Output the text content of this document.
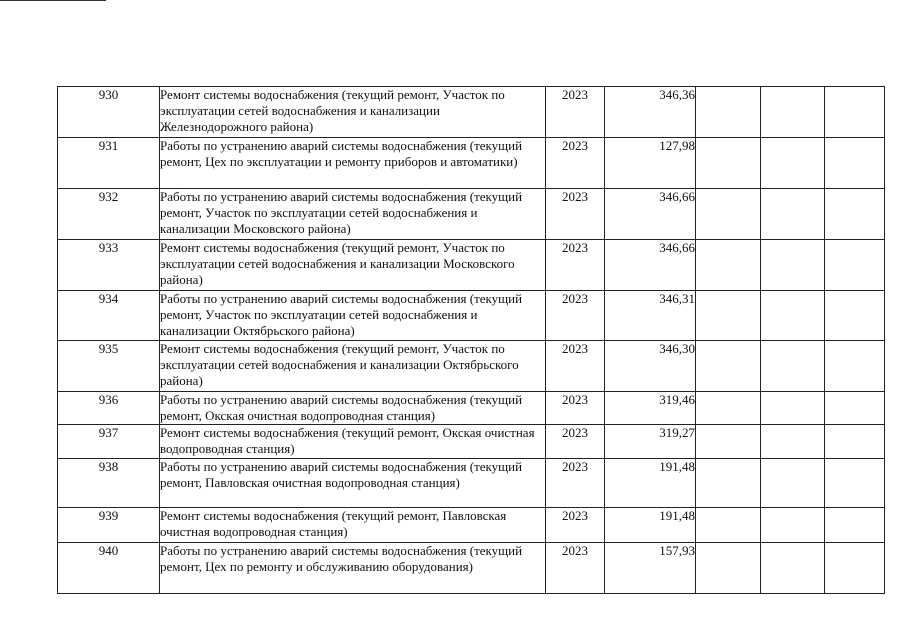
930	Ремонт системы водоснабжения (текущий ремонт, Участок по эксплуатации сетей водоснабжения и канализации Железнодорожного района)	2023	346,36			
931	Работы по устранению аварий системы водоснабжения (текущий ремонт, Цех по эксплуатации и ремонту приборов и автоматики)	2023	127,98			
932	Работы по устранению аварий системы водоснабжения (текущий ремонт, Участок по эксплуатации сетей водоснабжения и канализации Московского района)	2023	346,66			
933	Ремонт системы водоснабжения (текущий ремонт, Участок по эксплуатации сетей водоснабжения и канализации Московского района)	2023	346,66			
934	Работы по устранению аварий системы водоснабжения (текущий ремонт, Участок по эксплуатации сетей водоснабжения и канализации Октябрьского района)	2023	346,31			
935	Ремонт системы водоснабжения (текущий ремонт, Участок по эксплуатации сетей водоснабжения и канализации Октябрьского района)	2023	346,30			
936	Работы по устранению аварий системы водоснабжения (текущий ремонт, Окская очистная водопроводная станция)	2023	319,46			
937	Ремонт системы водоснабжения (текущий ремонт, Окская очистная водопроводная станция)	2023	319,27			
938	Работы по устранению аварий системы водоснабжения (текущий ремонт, Павловская очистная водопроводная станция)	2023	191,48			
939	Ремонт системы водоснабжения (текущий ремонт, Павловская очистная водопроводная станция)	2023	191,48			
940	Работы по устранению аварий системы водоснабжения (текущий ремонт, Цех по ремонту и обслуживанию оборудования)	2023	157,93			
